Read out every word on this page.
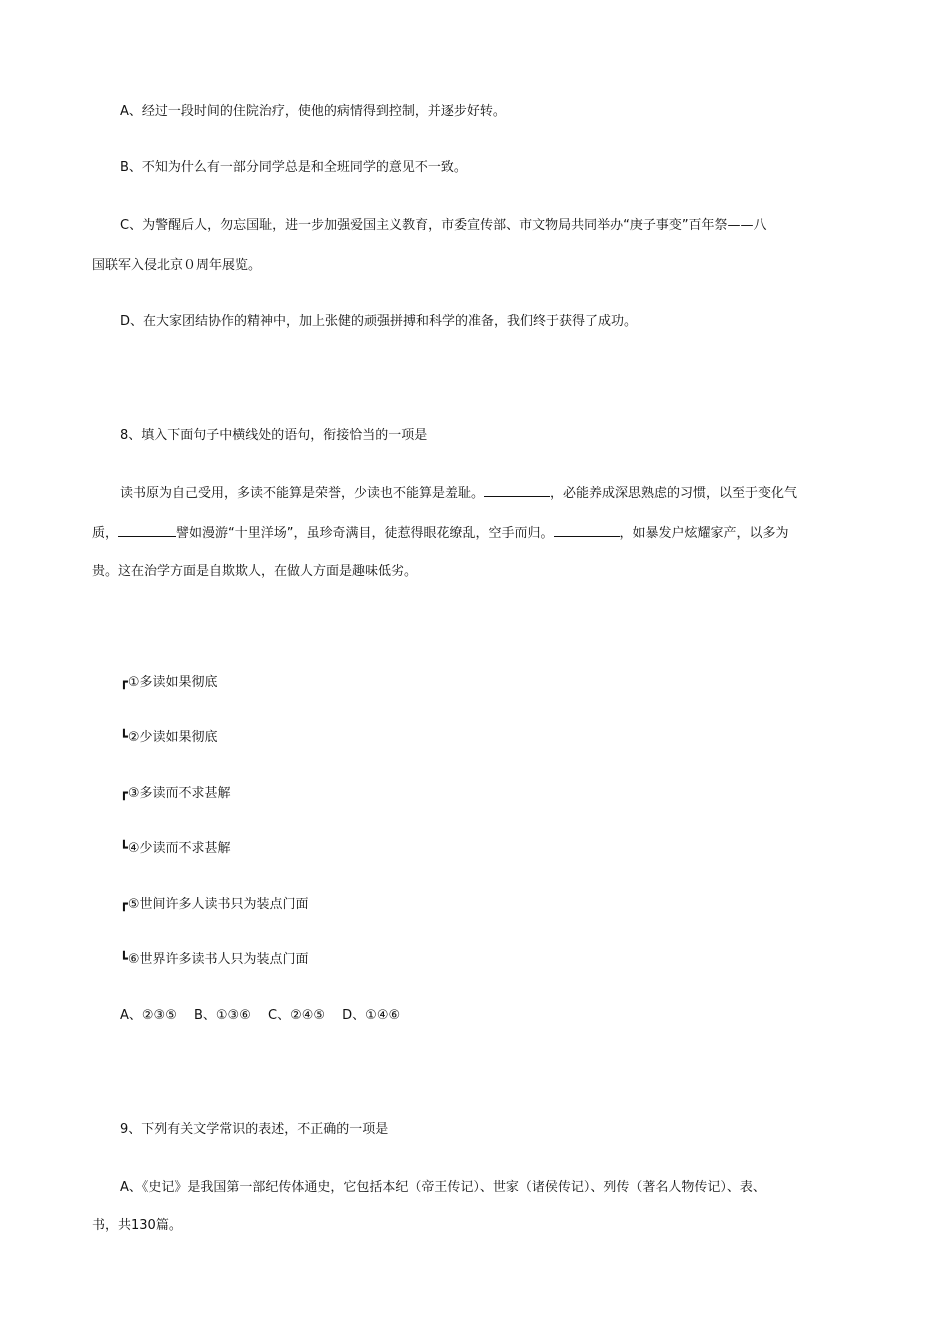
A、经过一段时间的住院治疗，使他的病情得到控制，并逐步好转。
B、不知为什么有一部分同学总是和全班同学的意见不一致。
C、为警醒后人，勿忘国耻，进一步加强爱国主义教育，市委宣传部、市文物局共同举办“庚子事变”百年祭——八
国联军入侵北京０周年展览。
D、在大家团结协作的精神中，加上张健的顽强拼搏和科学的准备，我们终于获得了成功。
8、填入下面句子中横线处的语句，衔接恰当的一项是
读书原为自己受用，多读不能算是荣誉，少读也不能算是羞耻。	，必能养成深思熟虑的习惯，以至于变化气
质，	譬如漫游“十里洋场”，虽珍奇满目，徒惹得眼花缭乱，空手而归。	，如暴发户炫耀家产，以多为
贵。这在治学方面是自欺欺人，在做人方面是趣味低劣。
┏①多读如果彻底
┗②少读如果彻底
┏③多读而不求甚解
┗④少读而不求甚解
┏⑤世间许多人读书只为装点门面
┗⑥世界许多读书人只为装点门面
A、②③⑤　 B、①③⑥　 C、②④⑤　 D、①④⑥
9、下列有关文学常识的表述，不正确的一项是
A、《史记》是我国第一部纪传体通史，它包括本纪（帝王传记）、世家（诸侯传记）、列传（著名人物传记）、表、
书，共130篇。
